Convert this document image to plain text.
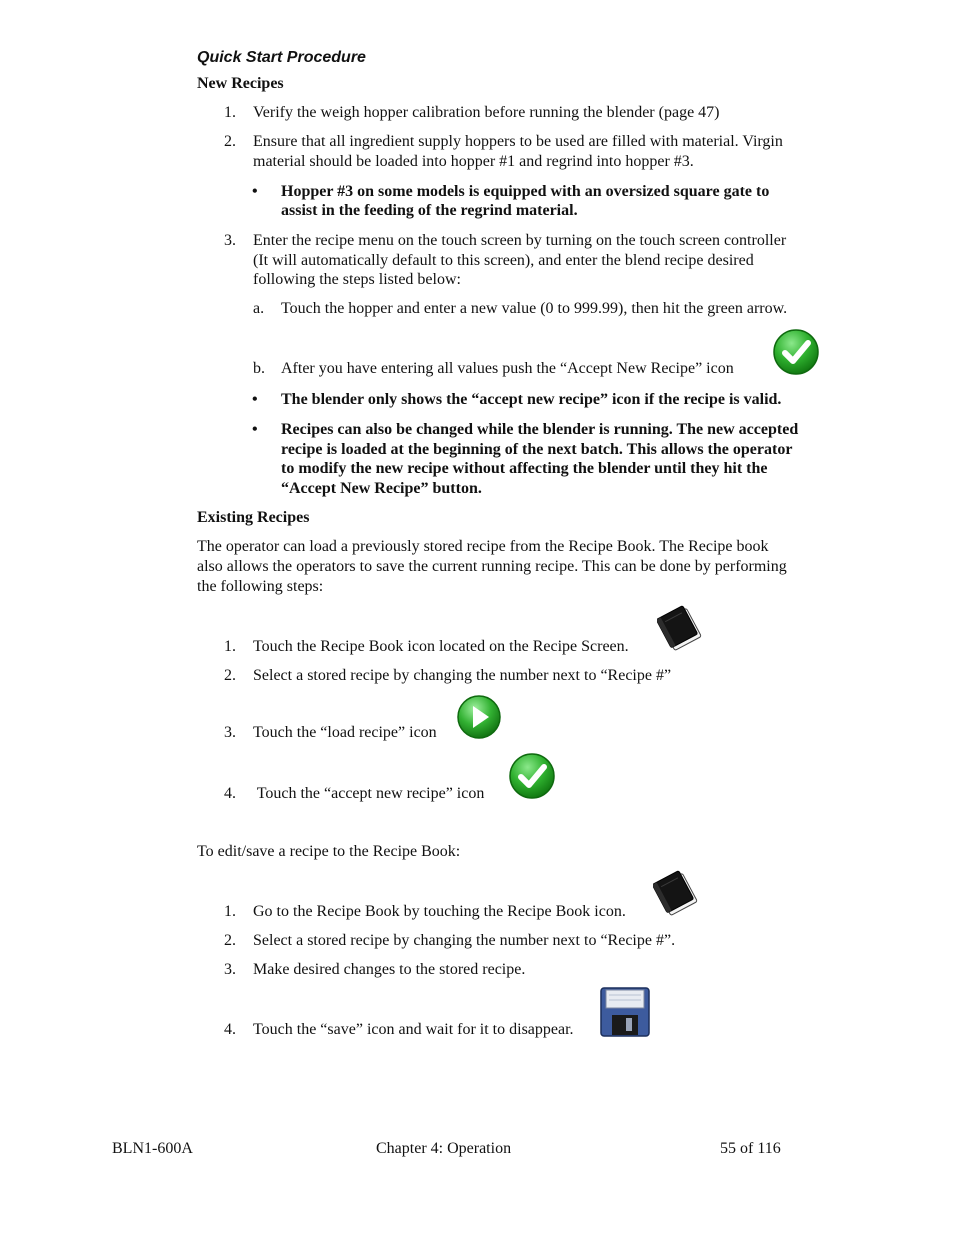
Quick Start Procedure
New Recipes
1. Verify the weigh hopper calibration before running the blender (page 47)
2. Ensure that all ingredient supply hoppers to be used are filled with material. Virgin
material should be loaded into hopper #1 and regrind into hopper #3.
• Hopper #3 on some models is equipped with an oversized square gate to
assist in the feeding of the regrind material.
3. Enter the recipe menu on the touch screen by turning on the touch screen controller
(It will automatically default to this screen), and enter the blend recipe desired
following the steps listed below:
a. Touch the hopper and enter a new value (0 to 999.99), then hit the green arrow.
b. After you have entering all values push the “Accept New Recipe” icon
• The blender only shows the “accept new recipe” icon if the recipe is valid.
• Recipes can also be changed while the blender is running. The new accepted
recipe is loaded at the beginning of the next batch. This allows the operator
to modify the new recipe without affecting the blender until they hit the
“Accept New Recipe” button.
Existing Recipes
The operator can load a previously stored recipe from the Recipe Book. The Recipe book
also allows the operators to save the current running recipe. This can be done by performing
the following steps:
1. Touch the Recipe Book icon located on the Recipe Screen.
2. Select a stored recipe by changing the number next to “Recipe #”
3. Touch the “load recipe” icon
4. Touch the “accept new recipe” icon
To edit/save a recipe to the Recipe Book:
1. Go to the Recipe Book by touching the Recipe Book icon.
2. Select a stored recipe by changing the number next to “Recipe #”.
3. Make desired changes to the stored recipe.
4. Touch the “save” icon and wait for it to disappear.
BLN1-600A	Chapter 4: Operation	55 of 116
